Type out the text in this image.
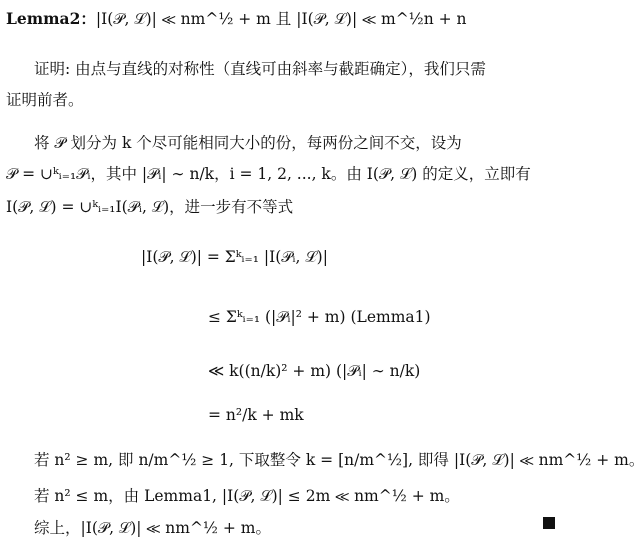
Lemma2：|I(𝒫, ℒ)| ≪ nm^½ + m 且 |I(𝒫, ℒ)| ≪ m^½n + n
证明: 由点与直线的对称性（直线可由斜率与截距确定），我们只需
证明前者。
将 𝒫 划分为 k 个尽可能相同大小的份，每两份之间不交，设为
𝒫 = ∪ᵏᵢ₌₁𝒫ᵢ，其中 |𝒫ᵢ| ∼ n/k，i = 1, 2, ..., k。由 I(𝒫, ℒ) 的定义，立即有
I(𝒫, ℒ) = ∪ᵏᵢ₌₁I(𝒫ᵢ, ℒ)，进一步有不等式
|I(𝒫, ℒ)| = Σᵏᵢ₌₁ |I(𝒫ᵢ, ℒ)|
≤ Σᵏᵢ₌₁ (|𝒫ᵢ|² + m) (Lemma1)
≪ k((n/k)² + m) (|𝒫ᵢ| ∼ n/k)
= n²/k + mk
若 n² ≥ m, 即 n/m^½ ≥ 1, 下取整令 k = [n/m^½], 即得 |I(𝒫, ℒ)| ≪ nm^½ + m。
若 n² ≤ m，由 Lemma1, |I(𝒫, ℒ)| ≤ 2m ≪ nm^½ + m。
综上，|I(𝒫, ℒ)| ≪ nm^½ + m。
